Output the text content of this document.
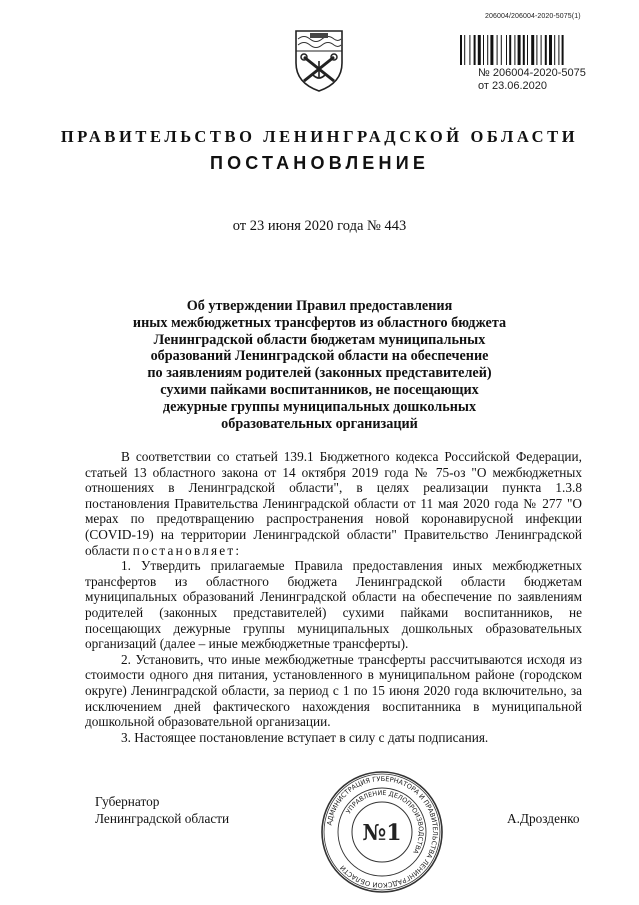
206004/206004-2020-5075(1)
№ 206004-2020-5075
от 23.06.2020
ПРАВИТЕЛЬСТВО ЛЕНИНГРАДСКОЙ ОБЛАСТИ
ПОСТАНОВЛЕНИЕ
от 23 июня 2020 года № 443
Об утверждении Правил предоставления
иных межбюджетных трансфертов из областного бюджета
Ленинградской области бюджетам муниципальных
образований Ленинградской области на обеспечение
по заявлениям родителей (законных представителей)
сухими пайками воспитанников, не посещающих
дежурные группы муниципальных дошкольных
образовательных организаций

В соответствии со статьей 139.1 Бюджетного кодекса Российской Федерации, статьей 13 областного закона от 14 октября 2019 года № 75-оз "О межбюджетных отношениях в Ленинградской области", в целях реализации пункта 1.3.8 постановления Правительства Ленинградской области от 11 мая 2020 года № 277 "О мерах по предотвращению распространения новой коронавирусной инфекции (COVID-19) на территории Ленинградской области" Правительство Ленинградской области постановляет:

1. Утвердить прилагаемые Правила предоставления иных межбюджетных трансфертов из областного бюджета Ленинградской области бюджетам муниципальных образований Ленинградской области на обеспечение по заявлениям родителей (законных представителей) сухими пайками воспитанников, не посещающих дежурные группы муниципальных дошкольных образовательных организаций (далее – иные межбюджетные трансферты).

2. Установить, что иные межбюджетные трансферты рассчитываются исходя из стоимости одного дня питания, установленного в муниципальном районе (городском округе) Ленинградской области, за период с 1 по 15 июня 2020 года включительно, за исключением дней фактического нахождения воспитанника в муниципальной дошкольной образовательной организации.

3. Настоящее постановление вступает в силу с даты подписания.

Губернатор
Ленинградской области	А.Дрозденко
АДМИНИСТРАЦИЯ ГУБЕРНАТОРА И ПРАВИТЕЛЬСТВА ЛЕНИНГРАДСКОЙ ОБЛАСТИ
УПРАВЛЕНИЕ ДЕЛОПРОИЗВОДСТВА
№1
